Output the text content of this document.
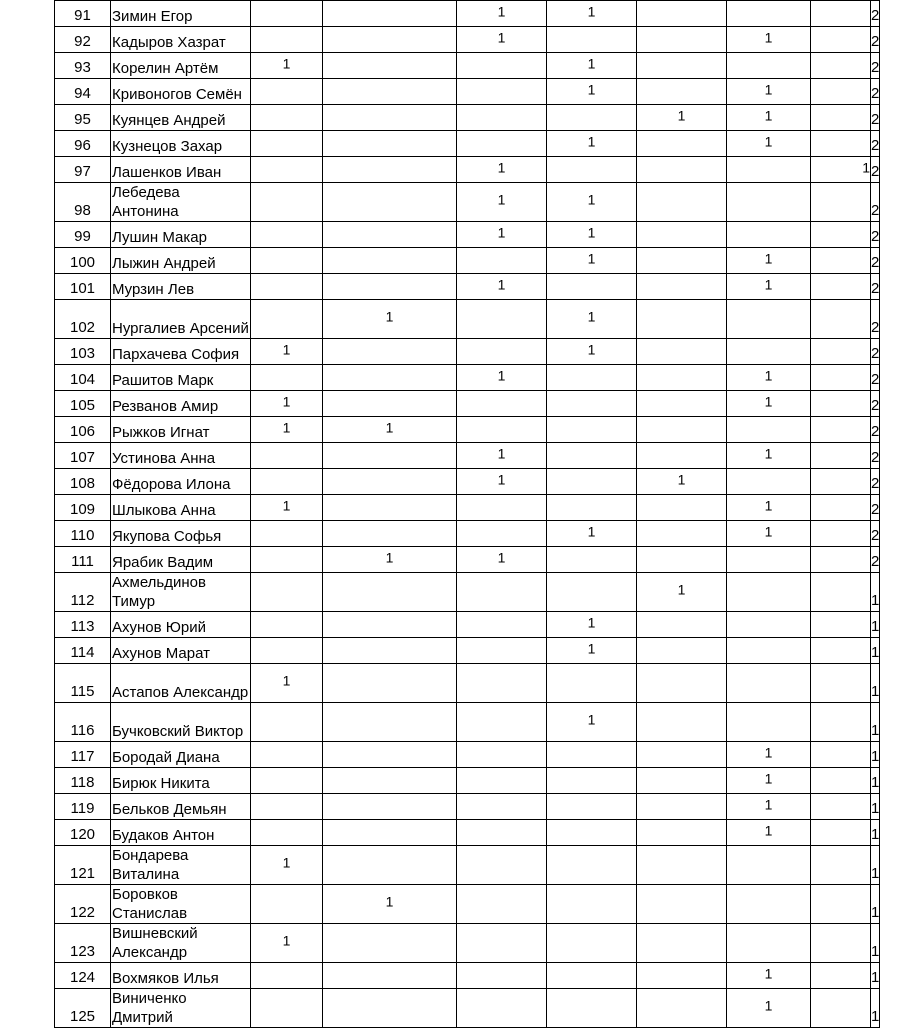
91	Зимин Егор			1	1				2
92	Кадыров Хазрат			1			1		2
93	Корелин Артём	1			1				2
94	Кривоногов Семён				1		1		2
95	Куянцев Андрей					1	1		2
96	Кузнецов Захар				1		1		2
97	Лашенков Иван			1				1	2
98	Лебедева Антонина			1	1				2
99	Лушин Макар			1	1				2
100	Лыжин Андрей				1		1		2
101	Мурзин Лев			1			1		2
102	Нургалиев Арсений		1		1				2
103	Пархачева София	1			1				2
104	Рашитов Марк			1			1		2
105	Резванов Амир	1					1		2
106	Рыжков Игнат	1	1						2
107	Устинова Анна			1			1		2
108	Фёдорова Илона			1		1			2
109	Шлыкова Анна	1					1		2
110	Якупова Софья				1		1		2
111	Ярабик Вадим		1	1					2
112	Ахмельдинов Тимур					1			1
113	Ахунов Юрий				1				1
114	Ахунов Марат				1				1
115	Астапов Александр	1							1
116	Бучковский Виктор				1				1
117	Бородай Диана						1		1
118	Бирюк Никита						1		1
119	Бельков Демьян						1		1
120	Будаков Антон						1		1
121	Бондарева Виталина	1							1
122	Боровков Станислав		1						1
123	Вишневский Александр	1							1
124	Вохмяков Илья						1		1
125	Виниченко Дмитрий						1		1
